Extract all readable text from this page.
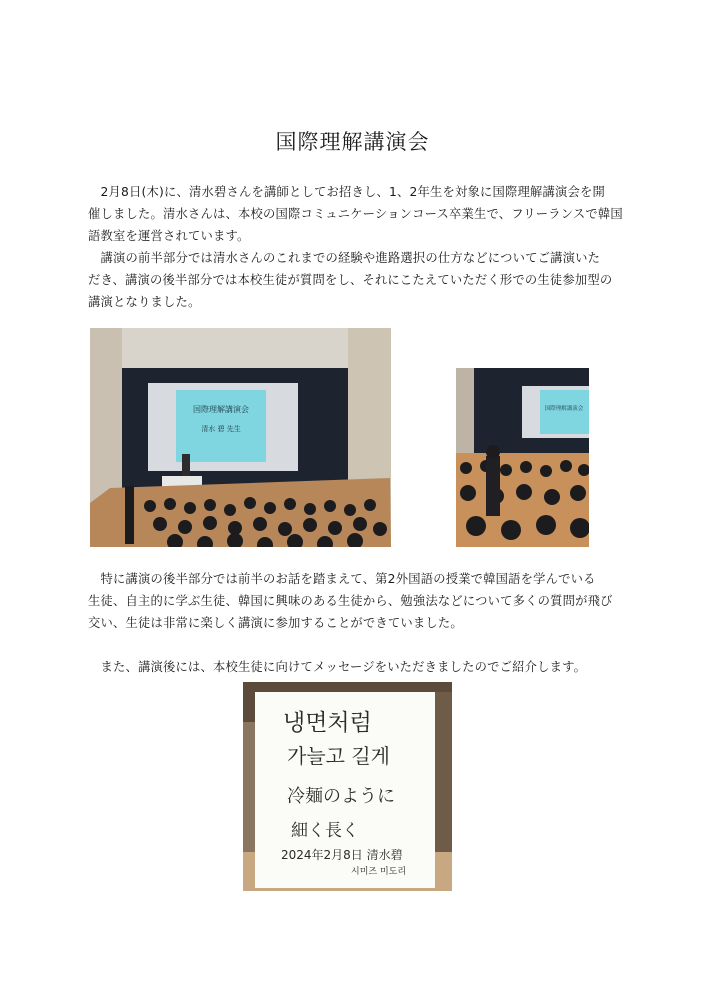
国際理解講演会
　2月8日(木)に、清水碧さんを講師としてお招きし、1、2年生を対象に国際理解講演会を開
催しました。清水さんは、本校の国際コミュニケーションコース卒業生で、フリーランスで韓国
語教室を運営されています。
　講演の前半部分では清水さんのこれまでの経験や進路選択の仕方などについてご講演いた
だき、講演の後半部分では本校生徒が質問をし、それにこたえていただく形での生徒参加型の
講演となりました。
国際理解講演会
清水 碧 先生
国際理解講演会
　特に講演の後半部分では前半のお話を踏まえて、第2外国語の授業で韓国語を学んでいる
生徒、自主的に学ぶ生徒、韓国に興味のある生徒から、勉強法などについて多くの質問が飛び
交い、生徒は非常に楽しく講演に参加することができていました。
　また、講演後には、本校生徒に向けてメッセージをいただきましたのでご紹介します。
냉면처럼
가늘고 길게
冷麺のように
細く長く
2024年2月8日 清水碧
시미즈 미도리
